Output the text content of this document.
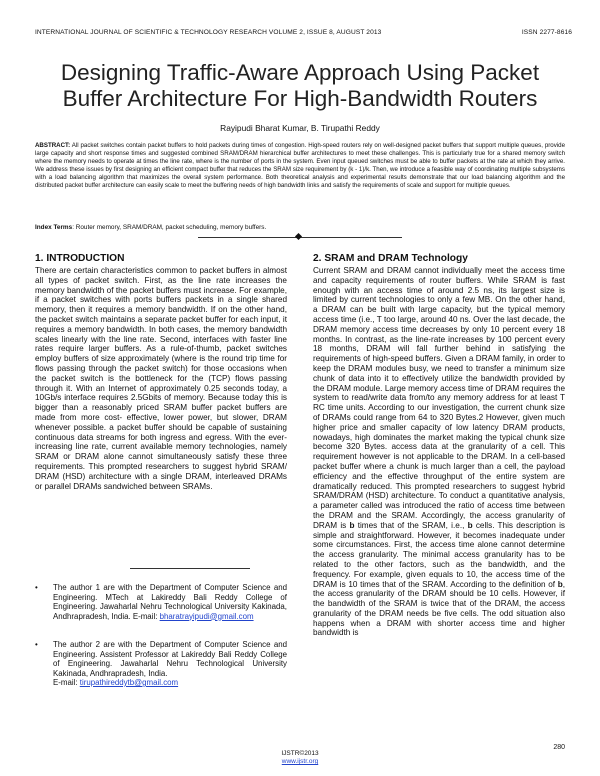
INTERNATIONAL JOURNAL OF SCIENTIFIC & TECHNOLOGY RESEARCH VOLUME 2, ISSUE 8, AUGUST 2013	ISSN 2277-8616
Designing Traffic-Aware Approach Using Packet
Buffer Architecture For High-Bandwidth Routers
Rayipudi Bharat Kumar, B. Tirupathi Reddy
ABSTRACT: All packet switches contain packet buffers to hold packets during times of congestion. High-speed routers rely on well-designed packet buffers that support multiple queues, provide large capacity and short response times and suggested combined SRAM/DRAM hierarchical buffer architectures to meet these challenges. This is particularly true for a shared memory switch where the memory needs to operate at times the line rate, where is the number of ports in the system. Even input queued switches must be able to buffer packets at the rate at which they arrive. We address these issues by first designing an efficient compact buffer that reduces the SRAM size requirement by (k - 1)/k. Then, we introduce a feasible way of coordinating multiple subsystems with a load balancing algorithm that maximizes the overall system performance. Both theoretical analysis and experimental results demonstrate that our load balancing algorithm and the distributed packet buffer architecture can easily scale to meet the buffering needs of high bandwidth links and satisfy the requirements of scale and support for multiple queues.
Index Terms: Router memory, SRAM/DRAM, packet scheduling, memory buffers.
1. INTRODUCTION

There are certain characteristics common to packet buffers in almost all types of packet switch. First, as the line rate increases the memory bandwidth of the packet buffers must increase. For example, if a packet switches with ports buffers packets in a single shared memory, then it requires a memory bandwidth. If on the other hand, the packet switch maintains a separate packet buffer for each input, it requires a memory bandwidth. In both cases, the memory bandwidth scales linearly with the line rate. Second, interfaces with faster line rates require larger buffers. As a rule-of-thumb, packet switches employ buffers of size approximately (where is the round trip time for flows passing through the packet switch) for those occasions when the packet switch is the bottleneck for the (TCP) flows passing through it. With an Internet of approximately 0.25 seconds today, a 10Gb/s interface requires 2.5Gbits of memory. Because today this is bigger than a reasonably priced SRAM buffer packet buffers are made from more cost- effective, lower power, but slower, DRAM whenever possible. a packet buffer should be capable of sustaining continuous data streams for both ingress and egress. With the ever-increasing line rate, current available memory technologies, namely SRAM or DRAM alone cannot simultaneously satisfy these three requirements. This prompted researchers to suggest hybrid SRAM/ DRAM (HSD) architecture with a single DRAM, interleaved DRAMs or parallel DRAMs sandwiched between SRAMs.

• The author 1 are with the Department of Computer Science and Engineering. MTech at Lakireddy Bali Reddy College of Engineering. Jawaharlal Nehru Technological University Kakinada, Andhrapradesh, India. E-mail: bharatrayipudi@gmail.com
• The author 2 are with the Department of Computer Science and Engineering. Assistent Professor at Lakireddy Bali Reddy College of Engineering. Jawaharlal Nehru Technological University Kakinada, Andhrapradesh, India.
E-mail: tirupathireddytb@gmail.com
2. SRAM and DRAM Technology

Current SRAM and DRAM cannot individually meet the access time and capacity requirements of router buffers. While SRAM is fast enough with an access time of around 2.5 ns, its largest size is limited by current technologies to only a few MB. On the other hand, a DRAM can be built with large capacity, but the typical memory access time (i.e., T too large, around 40 ns. Over the last decade, the DRAM memory access time decreases by only 10 percent every 18 months. In contrast, as the line-rate increases by 100 percent every 18 months, DRAM will fall further behind in satisfying the requirements of high-speed buffers. Given a DRAM family, in order to keep the DRAM modules busy, we need to transfer a minimum size chunk of data into it to effectively utilize the bandwidth provided by the DRAM module. Large memory access time of DRAM requires the system to read/write data from/to any memory address for at least T RC time units. According to our investigation, the current chunk size of DRAMs could range from 64 to 320 Bytes.2 However, given much higher price and smaller capacity of low latency DRAM products, nowadays, high dominates the market making the typical chunk size become 320 Bytes. access data at the granularity of a cell. This requirement however is not applicable to the DRAM. In a cell-based packet buffer where a chunk is much larger than a cell, the payload efficiency and the effective throughput of the entire system are dramatically reduced. This prompted researchers to suggest hybrid SRAM/DRAM (HSD) architecture. To conduct a quantitative analysis, a parameter called was introduced the ratio of access time between the DRAM and the SRAM. Accordingly, the access granularity of DRAM is b times that of the SRAM, i.e., b cells. This description is simple and straightforward. However, it becomes inadequate under some circumstances. First, the access time alone cannot determine the access granularity. The minimal access granularity has to be related to the other factors, such as the bandwidth, and the frequency. For example, given equals to 10, the access time of the DRAM is 10 times that of the SRAM. According to the definition of b, the access granularity of the DRAM should be 10 cells. However, if the bandwidth of the SRAM is twice that of the DRAM, the access granularity of the DRAM needs be five cells. The odd situation also happens when a DRAM with shorter access time and higher bandwidth is

280
IJSTR©2013
www.ijstr.org
